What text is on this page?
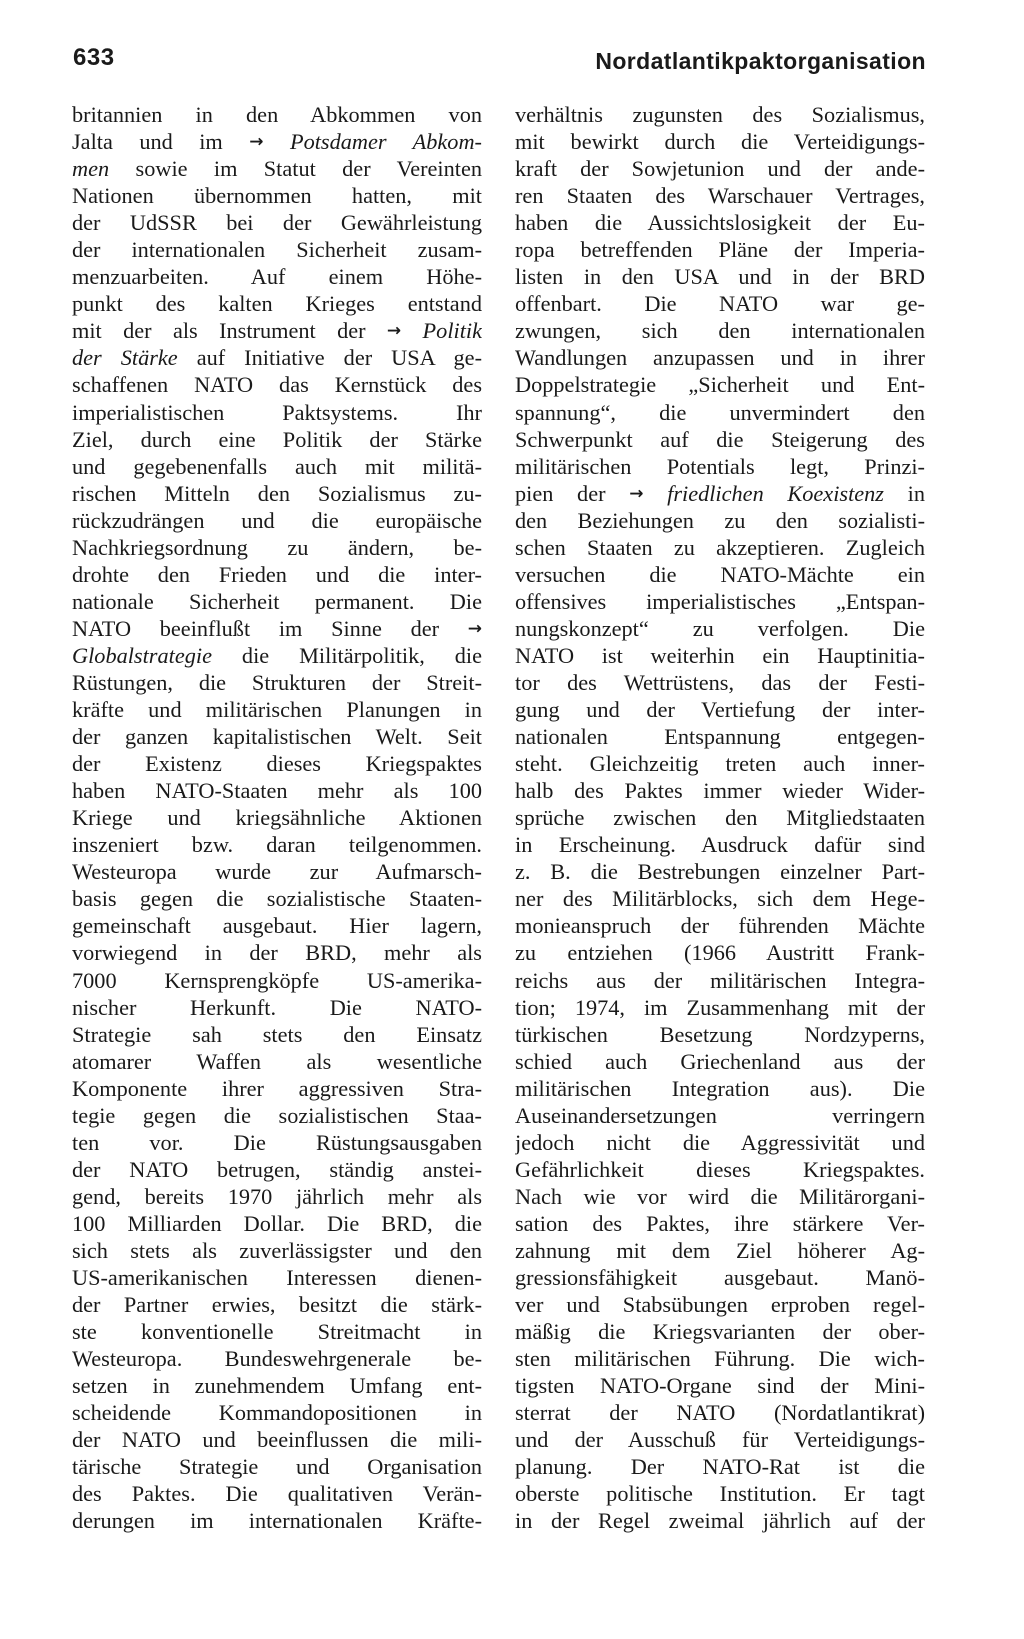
633	Nordatlantikpaktorganisation
britannien in den Abkommen von
Jalta und im → Potsdamer Abkom-
men sowie im Statut der Vereinten
Nationen übernommen hatten, mit
der UdSSR bei der Gewährleistung
der internationalen Sicherheit zusam-
menzuarbeiten. Auf einem Höhe-
punkt des kalten Krieges entstand
mit der als Instrument der → Politik
der Stärke auf Initiative der USA ge-
schaffenen NATO das Kernstück des
imperialistischen Paktsystems. Ihr
Ziel, durch eine Politik der Stärke
und gegebenenfalls auch mit militä-
rischen Mitteln den Sozialismus zu-
rückzudrängen und die europäische
Nachkriegsordnung zu ändern, be-
drohte den Frieden und die inter-
nationale Sicherheit permanent. Die
NATO beeinflußt im Sinne der →
Globalstrategie die Militärpolitik, die
Rüstungen, die Strukturen der Streit-
kräfte und militärischen Planungen in
der ganzen kapitalistischen Welt. Seit
der Existenz dieses Kriegspaktes
haben NATO-Staaten mehr als 100
Kriege und kriegsähnliche Aktionen
inszeniert bzw. daran teilgenommen.
Westeuropa wurde zur Aufmarsch-
basis gegen die sozialistische Staaten-
gemeinschaft ausgebaut. Hier lagern,
vorwiegend in der BRD, mehr als
7000 Kernsprengköpfe US-amerika-
nischer Herkunft. Die NATO-
Strategie sah stets den Einsatz
atomarer Waffen als wesentliche
Komponente ihrer aggressiven Stra-
tegie gegen die sozialistischen Staa-
ten vor. Die Rüstungsausgaben
der NATO betrugen, ständig anstei-
gend, bereits 1970 jährlich mehr als
100 Milliarden Dollar. Die BRD, die
sich stets als zuverlässigster und den
US-amerikanischen Interessen dienen-
der Partner erwies, besitzt die stärk-
ste konventionelle Streitmacht in
Westeuropa. Bundeswehrgenerale be-
setzen in zunehmendem Umfang ent-
scheidende Kommandopositionen in
der NATO und beeinflussen die mili-
tärische Strategie und Organisation
des Paktes. Die qualitativen Verän-
derungen im internationalen Kräfte-
verhältnis zugunsten des Sozialismus,
mit bewirkt durch die Verteidigungs-
kraft der Sowjetunion und der ande-
ren Staaten des Warschauer Vertrages,
haben die Aussichtslosigkeit der Eu-
ropa betreffenden Pläne der Imperia-
listen in den USA und in der BRD
offenbart. Die NATO war ge-
zwungen, sich den internationalen
Wandlungen anzupassen und in ihrer
Doppelstrategie „Sicherheit und Ent-
spannung“, die unvermindert den
Schwerpunkt auf die Steigerung des
militärischen Potentials legt, Prinzi-
pien der → friedlichen Koexistenz in
den Beziehungen zu den sozialisti-
schen Staaten zu akzeptieren. Zugleich
versuchen die NATO-Mächte ein
offensives imperialistisches „Entspan-
nungskonzept“ zu verfolgen. Die
NATO ist weiterhin ein Hauptinitia-
tor des Wettrüstens, das der Festi-
gung und der Vertiefung der inter-
nationalen Entspannung entgegen-
steht. Gleichzeitig treten auch inner-
halb des Paktes immer wieder Wider-
sprüche zwischen den Mitgliedstaaten
in Erscheinung. Ausdruck dafür sind
z. B. die Bestrebungen einzelner Part-
ner des Militärblocks, sich dem Hege-
monieanspruch der führenden Mächte
zu entziehen (1966 Austritt Frank-
reichs aus der militärischen Integra-
tion; 1974, im Zusammenhang mit der
türkischen Besetzung Nordzyperns,
schied auch Griechenland aus der
militärischen Integration aus). Die
Auseinandersetzungen verringern
jedoch nicht die Aggressivität und
Gefährlichkeit dieses Kriegspaktes.
Nach wie vor wird die Militärorgani-
sation des Paktes, ihre stärkere Ver-
zahnung mit dem Ziel höherer Ag-
gressionsfähigkeit ausgebaut. Manö-
ver und Stabsübungen erproben regel-
mäßig die Kriegsvarianten der ober-
sten militärischen Führung. Die wich-
tigsten NATO-Organe sind der Mini-
sterrat der NATO (Nordatlantikrat)
und der Ausschuß für Verteidigungs-
planung. Der NATO-Rat ist die
oberste politische Institution. Er tagt
in der Regel zweimal jährlich auf der
